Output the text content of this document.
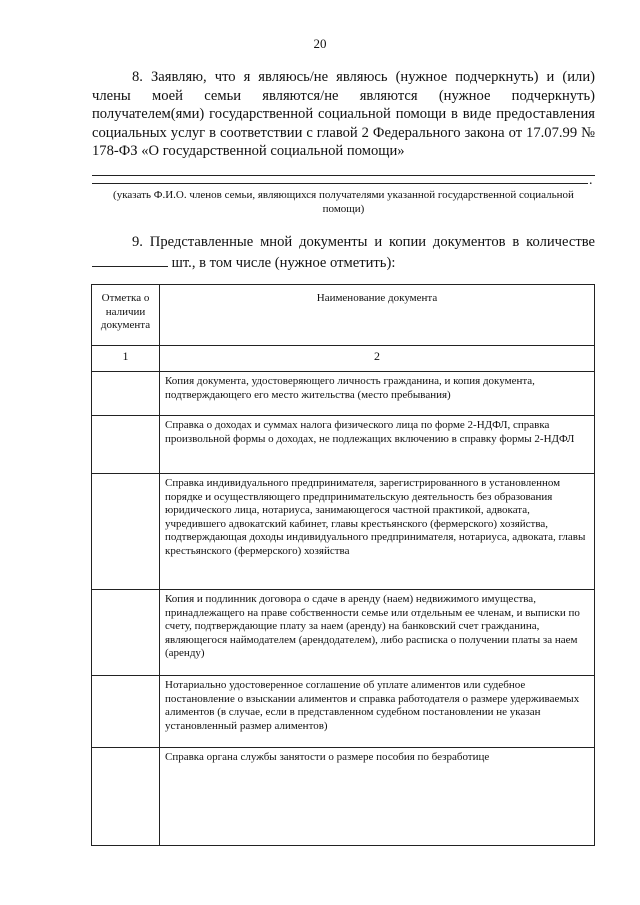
20
8. Заявляю, что я являюсь/не являюсь (нужное подчеркнуть) и (или) члены моей семьи являются/не являются (нужное подчеркнуть) получателем(ями) государственной социальной помощи в виде предоставления социальных услуг в соответствии с главой 2 Федерального закона от 17.07.99 № 178-ФЗ «О государственной социальной помощи»
.
(указать Ф.И.О. членов семьи, являющихся получателями указанной государственной социальной помощи)
9. Представленные мной документы и копии документов в количестве  шт., в том числе (нужное отметить):
Отметка о наличии документа	Наименование документа
1	2
	Копия документа, удостоверяющего личность гражданина, и копия документа, подтверждающего его место жительства (место пребывания)
	Справка о доходах и суммах налога физического лица по форме 2-НДФЛ, справка произвольной формы о доходах, не подлежащих включению в справку формы 2-НДФЛ
	Справка индивидуального предпринимателя, зарегистрированного в установленном порядке и осуществляющего предпринимательскую деятельность без образования юридического лица, нотариуса, занимающегося частной практикой, адвоката, учредившего адвокатский кабинет, главы крестьянского (фермерского) хозяйства, подтверждающая доходы индивидуального предпринимателя, нотариуса, адвоката, главы крестьянского (фермерского) хозяйства
	Копия и подлинник договора о сдаче в аренду (наем) недвижимого имущества, принадлежащего на праве собственности семье или отдельным ее членам, и выписки по счету, подтверждающие плату за наем (аренду) на банковский счет гражданина, являющегося наймодателем (арендодателем), либо расписка о получении платы за наем (аренду)
	Нотариально удостоверенное соглашение об уплате алиментов или судебное постановление о взыскании алиментов и справка работодателя о размере удерживаемых алиментов (в случае, если в представленном судебном постановлении не указан установленный размер алиментов)
	Справка органа службы занятости о размере пособия по безработице
